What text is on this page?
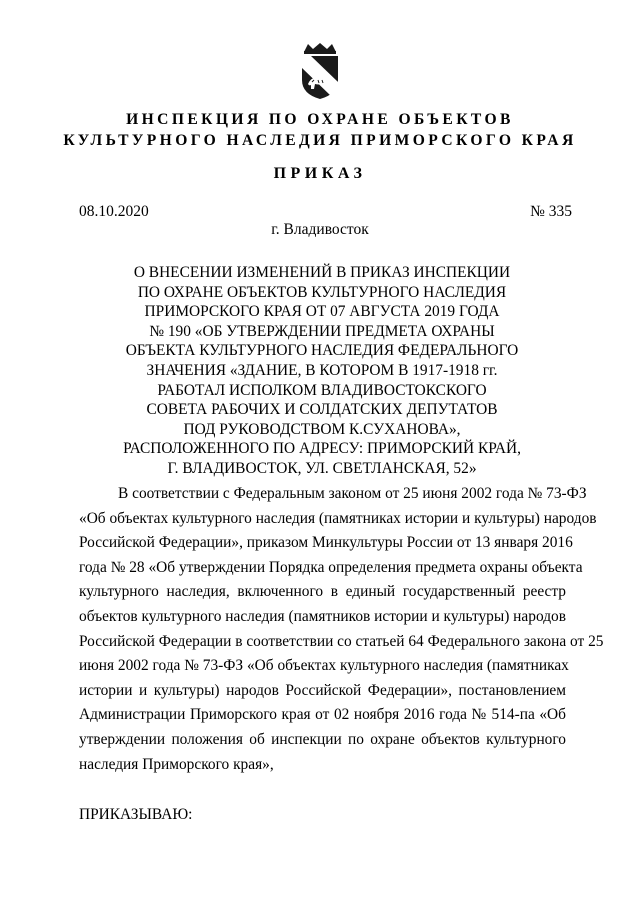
ИНСПЕКЦИЯ ПО ОХРАНЕ ОБЪЕКТОВ
КУЛЬТУРНОГО НАСЛЕДИЯ ПРИМОРСКОГО КРАЯ
ПРИКАЗ
08.10.2020	№ 335
г. Владивосток

О ВНЕСЕНИИ ИЗМЕНЕНИЙ В ПРИКАЗ ИНСПЕКЦИИ
ПО ОХРАНЕ ОБЪЕКТОВ КУЛЬТУРНОГО НАСЛЕДИЯ
ПРИМОРСКОГО КРАЯ ОТ 07 АВГУСТА 2019 ГОДА
№ 190 «ОБ УТВЕРЖДЕНИИ ПРЕДМЕТА ОХРАНЫ
ОБЪЕКТА КУЛЬТУРНОГО НАСЛЕДИЯ ФЕДЕРАЛЬНОГО
ЗНАЧЕНИЯ «ЗДАНИЕ, В КОТОРОМ В 1917-1918 гг.
РАБОТАЛ ИСПОЛКОМ ВЛАДИВОСТОКСКОГО
СОВЕТА РАБОЧИХ И СОЛДАТСКИХ ДЕПУТАТОВ
ПОД РУКОВОДСТВОМ К.СУХАНОВА»,
РАСПОЛОЖЕННОГО ПО АДРЕСУ: ПРИМОРСКИЙ КРАЙ,
Г. ВЛАДИВОСТОК, УЛ. СВЕТЛАНСКАЯ, 52»

В соответствии с Федеральным законом от 25 июня 2002 года № 73-ФЗ
«Об объектах культурного наследия (памятниках истории и культуры) народов
Российской Федерации», приказом Минкультуры России от 13 января 2016
года № 28 «Об утверждении Порядка определения предмета охраны объекта
культурного наследия, включенного в единый государственный реестр
объектов культурного наследия (памятников истории и культуры) народов
Российской Федерации в соответствии со статьей 64 Федерального закона от 25
июня 2002 года № 73-ФЗ «Об объектах культурного наследия (памятниках
истории и культуры) народов Российской Федерации», постановлением
Администрации Приморского края от 02 ноября 2016 года № 514-па «Об
утверждении положения об инспекции по охране объектов культурного
наследия Приморского края»,

ПРИКАЗЫВАЮ:
